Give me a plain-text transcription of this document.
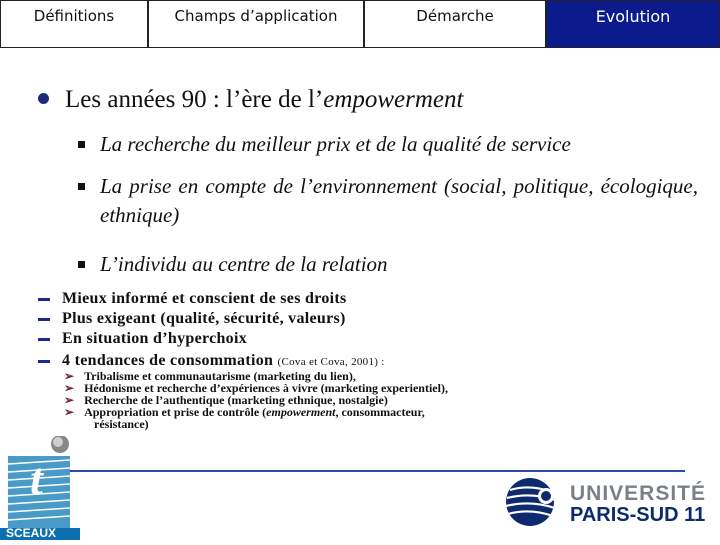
Définitions	Champs d’application	Démarche	Evolution
Les années 90 : l’ère de l’empowerment
La recherche du meilleur prix et de la qualité de service
La prise en compte de l’environnement (social, politique, écologique, ethnique)
L’individu au centre de la relation
Mieux informé et conscient de ses droits
Plus exigeant (qualité, sécurité, valeurs)
En situation d’hyperchoix
4 tendances de consommation (Cova et Cova, 2001) :
➢ Tribalisme et communautarisme (marketing du lien),
➢ Hédonisme et recherche d’expériences à vivre (marketing experientiel),
➢ Recherche de l’authentique (marketing ethnique, nostalgie)
➢ Appropriation et prise de contrôle (empowerment, consommacteur,
résistance)
t
SCEAUX
UNIVERSITÉ
PARIS-SUD 11
